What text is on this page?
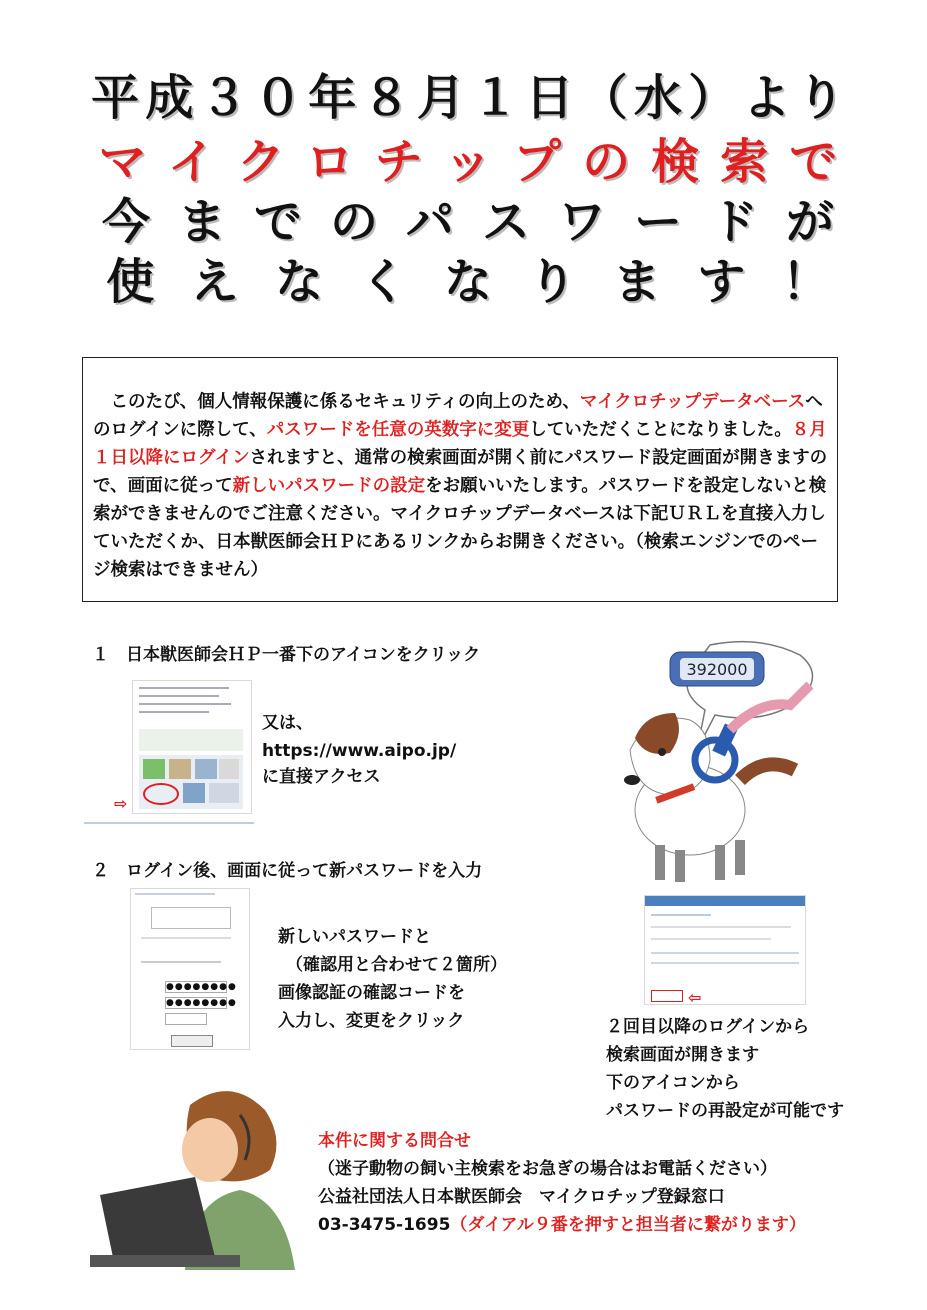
平 成 ３ ０ 年 ８ 月 １ 日 （ 水 ） よ り
マ イ ク ロ チ ッ プ の 検 索 で
今 ま で の パ ス ワ ー ド が
使 え な く な り ま す ！
　このたび、個人情報保護に係るセキュリティの向上のため、マイクロチップデータベースへのログインに際して、パスワードを任意の英数字に変更していただくことになりました。８月１日以降にログインされますと、通常の検索画面が開く前にパスワード設定画面が開きますので、画面に従って新しいパスワードの設定をお願いいたします。パスワードを設定しないと検索ができませんのでご注意ください。マイクロチップデータベースは下記ＵＲＬを直接入力していただくか、日本獣医師会ＨＰにあるリンクからお開きください。（検索エンジンでのページ検索はできません）
１　日本獣医師会ＨＰ一番下のアイコンをクリック
⇨
又は、
https://www.aipo.jp/
に直接アクセス
392000
２　ログイン後、画面に従って新パスワードを入力
●●●●●●●●
●●●●●●●●
新しいパスワードと
（確認用と合わせて２箇所）
画像認証の確認コードを
入力し、変更をクリック
⇦
２回目以降のログインから
検索画面が開きます
下のアイコンから
パスワードの再設定が可能です
本件に関する問合せ
（迷子動物の飼い主検索をお急ぎの場合はお電話ください）
公益社団法人日本獣医師会　マイクロチップ登録窓口
03-3475-1695（ダイアル９番を押すと担当者に繋がります）
